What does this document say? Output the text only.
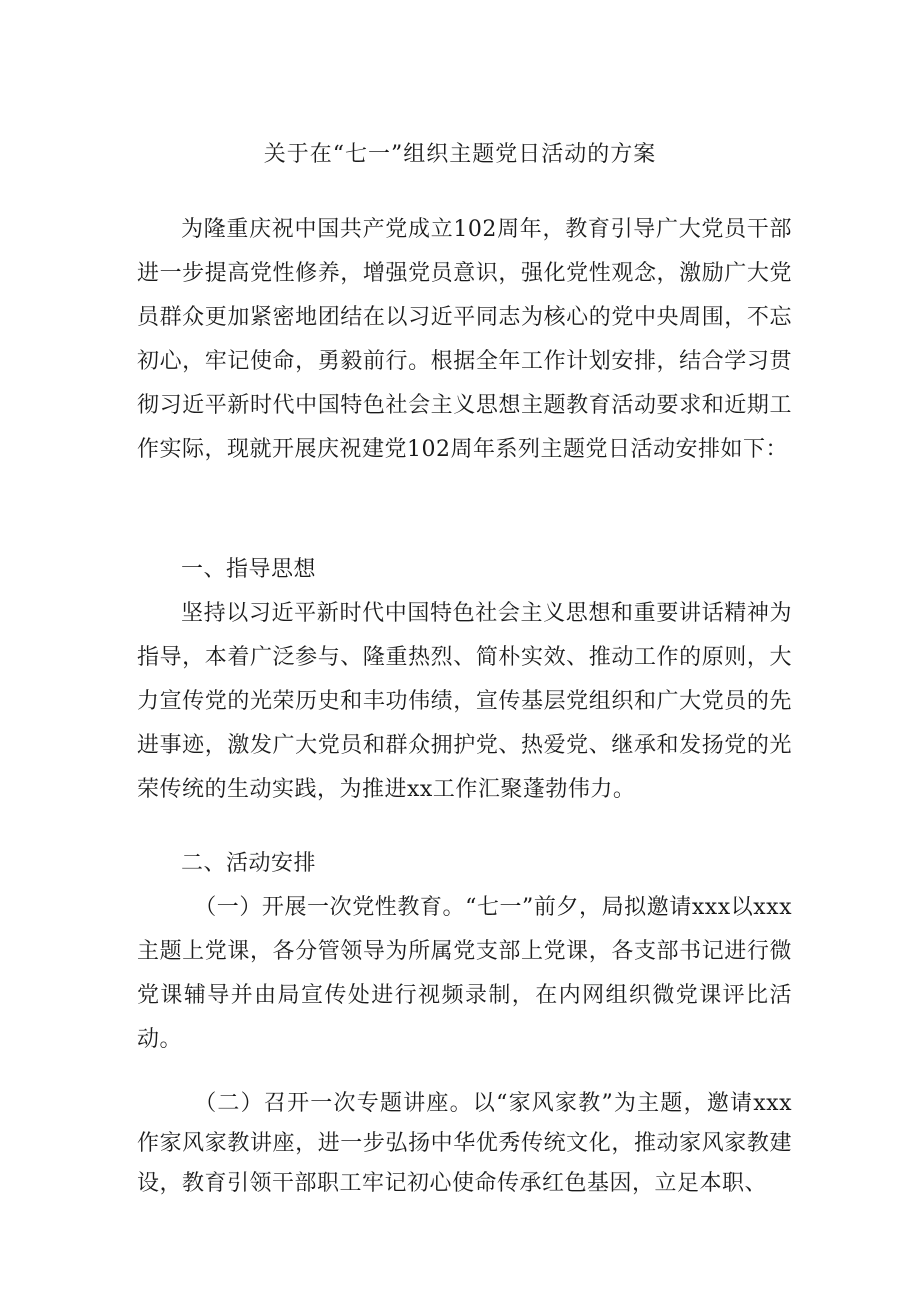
关于在“七一”组织主题党日活动的方案

为隆重庆祝中国共产党成立102周年，教育引导广大党员干部进一步提高党性修养，增强党员意识，强化党性观念，激励广大党员群众更加紧密地团结在以习近平同志为核心的党中央周围，不忘初心，牢记使命，勇毅前行。根据全年工作计划安排，结合学习贯彻习近平新时代中国特色社会主义思想主题教育活动要求和近期工作实际，现就开展庆祝建党102周年系列主题党日活动安排如下：

一、指导思想

坚持以习近平新时代中国特色社会主义思想和重要讲话精神为指导，本着广泛参与、隆重热烈、简朴实效、推动工作的原则，大力宣传党的光荣历史和丰功伟绩，宣传基层党组织和广大党员的先进事迹，激发广大党员和群众拥护党、热爱党、继承和发扬党的光荣传统的生动实践，为推进xx工作汇聚蓬勃伟力。

二、活动安排

（一）开展一次党性教育。“七一”前夕，局拟邀请xxx以xxx主题上党课，各分管领导为所属党支部上党课，各支部书记进行微党课辅导并由局宣传处进行视频录制，在内网组织微党课评比活动。

（二）召开一次专题讲座。以“家风家教”为主题，邀请xxx作家风家教讲座，进一步弘扬中华优秀传统文化，推动家风家教建设，教育引领干部职工牢记初心使命传承红色基因，立足本职、
